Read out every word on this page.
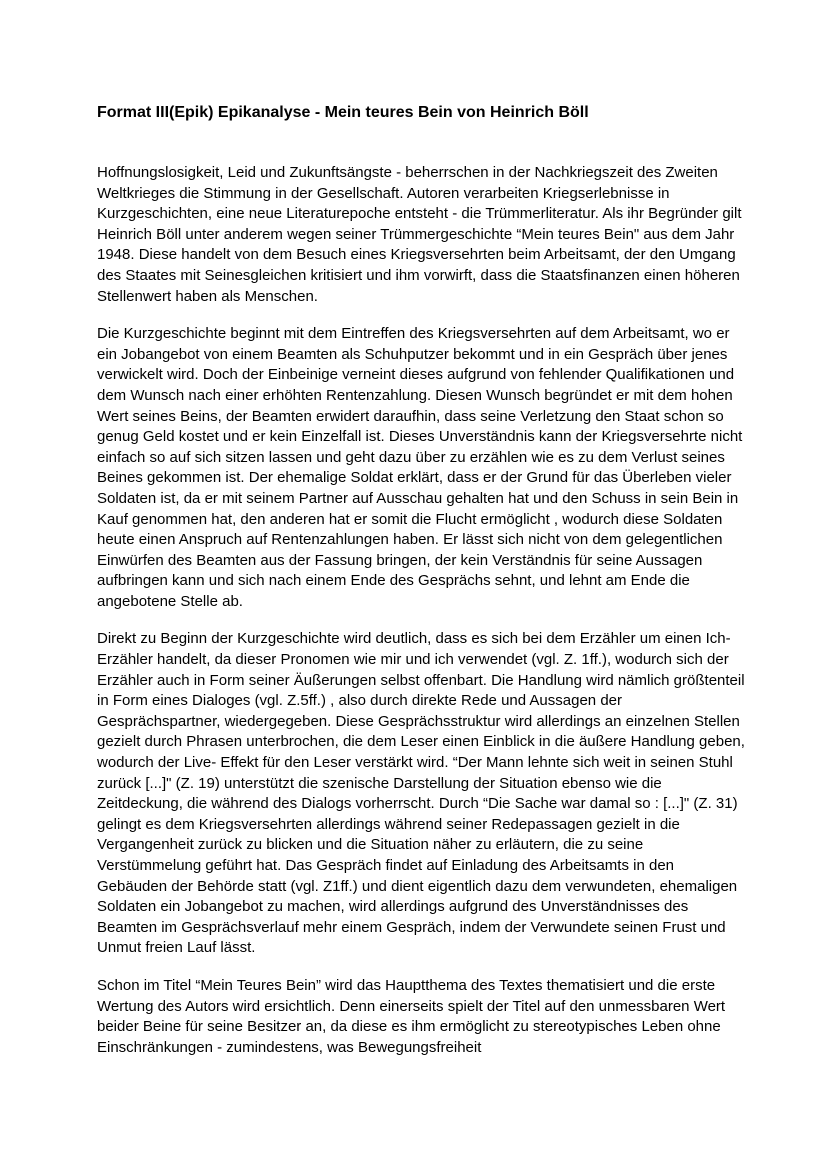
Format III(Epik) Epikanalyse - Mein teures Bein von Heinrich Böll

Hoffnungslosigkeit, Leid und Zukunftsängste - beherrschen in der Nachkriegszeit des Zweiten Weltkrieges die Stimmung in der Gesellschaft. Autoren verarbeiten Kriegserlebnisse in Kurzgeschichten, eine neue Literaturepoche entsteht - die Trümmerliteratur. Als ihr Begründer gilt Heinrich Böll unter anderem wegen seiner Trümmergeschichte “Mein teures Bein" aus dem Jahr 1948. Diese handelt von dem Besuch eines Kriegsversehrten beim Arbeitsamt, der den Umgang des Staates mit Seinesgleichen kritisiert und ihm vorwirft, dass die Staatsfinanzen einen höheren Stellenwert haben als Menschen.

Die Kurzgeschichte beginnt mit dem Eintreffen des Kriegsversehrten auf dem Arbeitsamt, wo er ein Jobangebot von einem Beamten als Schuhputzer bekommt und in ein Gespräch über jenes verwickelt wird. Doch der Einbeinige verneint dieses aufgrund von fehlender Qualifikationen und dem Wunsch nach einer erhöhten Rentenzahlung. Diesen Wunsch begründet er mit dem hohen Wert seines Beins, der Beamten erwidert daraufhin, dass seine Verletzung den Staat schon so genug Geld kostet und er kein Einzelfall ist. Dieses Unverständnis kann der Kriegsversehrte nicht einfach so auf sich sitzen lassen und geht dazu über zu erzählen wie es zu dem Verlust seines Beines gekommen ist. Der ehemalige Soldat erklärt, dass er der Grund für das Überleben vieler Soldaten ist, da er mit seinem Partner auf Ausschau gehalten hat und den Schuss in sein Bein in Kauf genommen hat, den anderen hat er somit die Flucht ermöglicht , wodurch diese Soldaten heute einen Anspruch auf Rentenzahlungen haben. Er lässt sich nicht von dem gelegentlichen Einwürfen des Beamten aus der Fassung bringen, der kein Verständnis für seine Aussagen aufbringen kann und sich nach einem Ende des Gesprächs sehnt, und lehnt am Ende die angebotene Stelle ab.

Direkt zu Beginn der Kurzgeschichte wird deutlich, dass es sich bei dem Erzähler um einen Ich-Erzähler handelt, da dieser Pronomen wie mir und ich verwendet (vgl. Z. 1ff.), wodurch sich der Erzähler auch in Form seiner Äußerungen selbst offenbart. Die Handlung wird nämlich größtenteil in Form eines Dialoges (vgl. Z.5ff.) , also durch direkte Rede und Aussagen der Gesprächspartner, wiedergegeben. Diese Gesprächsstruktur wird allerdings an einzelnen Stellen gezielt durch Phrasen unterbrochen, die dem Leser einen Einblick in die äußere Handlung geben, wodurch der Live- Effekt für den Leser verstärkt wird. “Der Mann lehnte sich weit in seinen Stuhl zurück [...]" (Z. 19) unterstützt die szenische Darstellung der Situation ebenso wie die Zeitdeckung, die während des Dialogs vorherrscht. Durch “Die Sache war damal so : [...]" (Z. 31) gelingt es dem Kriegsversehrten allerdings während seiner Redepassagen gezielt in die Vergangenheit zurück zu blicken und die Situation näher zu erläutern, die zu seine Verstümmelung geführt hat. Das Gespräch findet auf Einladung des Arbeitsamts in den Gebäuden der Behörde statt (vgl. Z1ff.) und dient eigentlich dazu dem verwundeten, ehemaligen Soldaten ein Jobangebot zu machen, wird allerdings aufgrund des Unverständnisses des Beamten im Gesprächsverlauf mehr einem Gespräch, indem der Verwundete seinen Frust und Unmut freien Lauf lässt.

Schon im Titel “Mein Teures Bein” wird das Hauptthema des Textes thematisiert und die erste Wertung des Autors wird ersichtlich. Denn einerseits spielt der Titel auf den unmessbaren Wert beider Beine für seine Besitzer an, da diese es ihm ermöglicht zu stereotypisches Leben ohne Einschränkungen - zumindestens, was Bewegungsfreiheit
